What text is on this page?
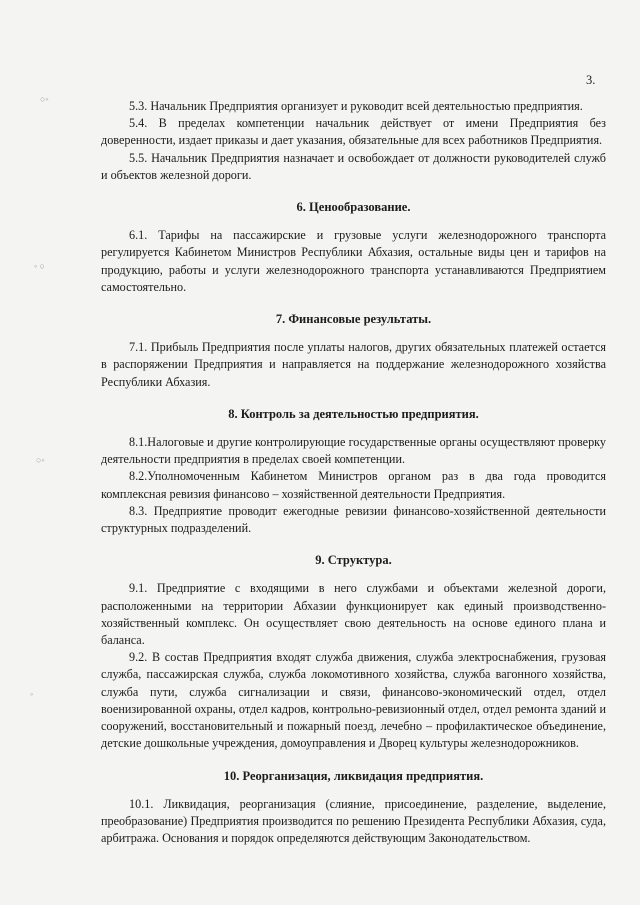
3.
○◦
◦ ○
○◦
◦

5.3. Начальник Предприятия организует и руководит всей деятельностью предприятия.

5.4. В пределах компетенции начальник действует от имени Предприятия без доверенности, издает приказы и дает указания, обязательные для всех работников Предприятия.

5.5. Начальник Предприятия назначает и освобождает от должности руководителей служб и объектов железной дороги.

6. Ценообразование.

6.1. Тарифы на пассажирские и грузовые услуги железнодорожного транспорта регулируется Кабинетом Министров Республики Абхазия, остальные виды цен и тарифов на продукцию, работы и услуги железнодорожного транспорта устанавливаются Предприятием самостоятельно.

7. Финансовые результаты.

7.1. Прибыль Предприятия после уплаты налогов, других обязательных платежей остается в распоряжении Предприятия и направляется на поддержание железнодорожного хозяйства Республики Абхазия.

8. Контроль за деятельностью предприятия.

8.1.Налоговые и другие контролирующие государственные органы осуществляют проверку деятельности предприятия в пределах своей компетенции.

8.2.Уполномоченным Кабинетом Министров органом раз в два года проводится комплексная ревизия финансово – хозяйственной деятельности Предприятия.

8.3. Предприятие проводит ежегодные ревизии финансово-хозяйственной деятельности структурных подразделений.

9. Структура.

9.1. Предприятие с входящими в него службами и объектами железной дороги, расположенными на территории Абхазии функционирует как единый производственно-хозяйственный комплекс. Он осуществляет свою деятельность на основе единого плана и баланса.

9.2. В состав Предприятия входят служба движения, служба электроснабжения, грузовая служба, пассажирская служба, служба локомотивного хозяйства, служба вагонного хозяйства, служба пути, служба сигнализации и связи, финансово-экономический отдел, отдел военизированной охраны, отдел кадров, контрольно-ревизионный отдел, отдел ремонта зданий и сооружений, восстановительный и пожарный поезд, лечебно – профилактическое объединение, детские дошкольные учреждения, домоуправления и Дворец культуры железнодорожников.

10. Реорганизация, ликвидация предприятия.

10.1. Ликвидация, реорганизация (слияние, присоединение, разделение, выделение, преобразование) Предприятия производится по решению Президента Республики Абхазия, суда, арбитража. Основания и порядок определяются действующим Законодательством.
